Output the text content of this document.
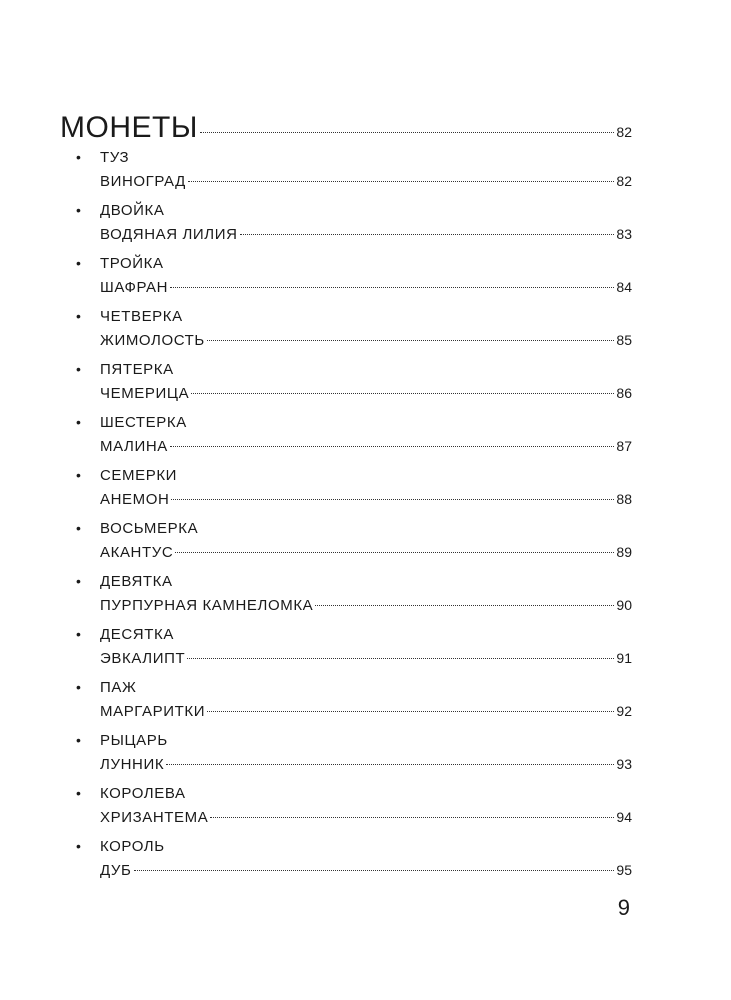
МОНЕТЫ	82
•	ТУЗ
ВИНОГРАД	82
•	ДВОЙКА
ВОДЯНАЯ ЛИЛИЯ	83
•	ТРОЙКА
ШАФРАН	84
•	ЧЕТВЕРКА
ЖИМОЛОСТЬ	85
•	ПЯТЕРКА
ЧЕМЕРИЦА	86
•	ШЕСТЕРКА
МАЛИНА	87
•	СЕМЕРКИ
АНЕМОН	88
•	ВОСЬМЕРКА
АКАНТУС	89
•	ДЕВЯТКА
ПУРПУРНАЯ КАМНЕЛОМКА	90
•	ДЕСЯТКА
ЭВКАЛИПТ	91
•	ПАЖ
МАРГАРИТКИ	92
•	РЫЦАРЬ
ЛУННИК	93
•	КОРОЛЕВА
ХРИЗАНТЕМА	94
•	КОРОЛЬ
ДУБ	95
9
